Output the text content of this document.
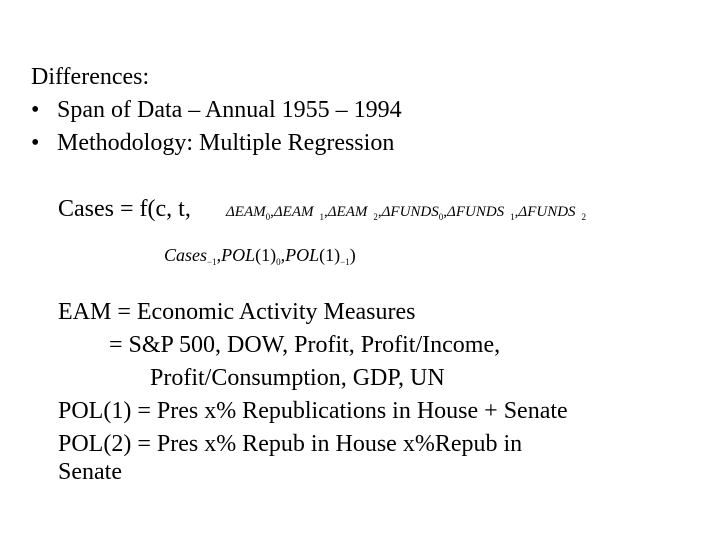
Differences:
• Span of Data – Annual 1955 – 1994
• Methodology: Multiple Regression
Cases = f(c, t, $\Delta EAM_0,\Delta EAM$ $_1$,ΔEAM $_2,\Delta FUNDS_0,\Delta FUNDS$ $_1$,ΔFUNDS $_2$
$Cases_{-1},POL(1)_0,POL(1)_{-1}$)
EAM = Economic Activity Measures
= S&P 500, DOW, Profit, Profit/Income,
Profit/Consumption, GDP, UN
POL(1) = Pres x% Republications in House + Senate
POL(2) = Pres x% Repub in House x%Repub in
Senate
